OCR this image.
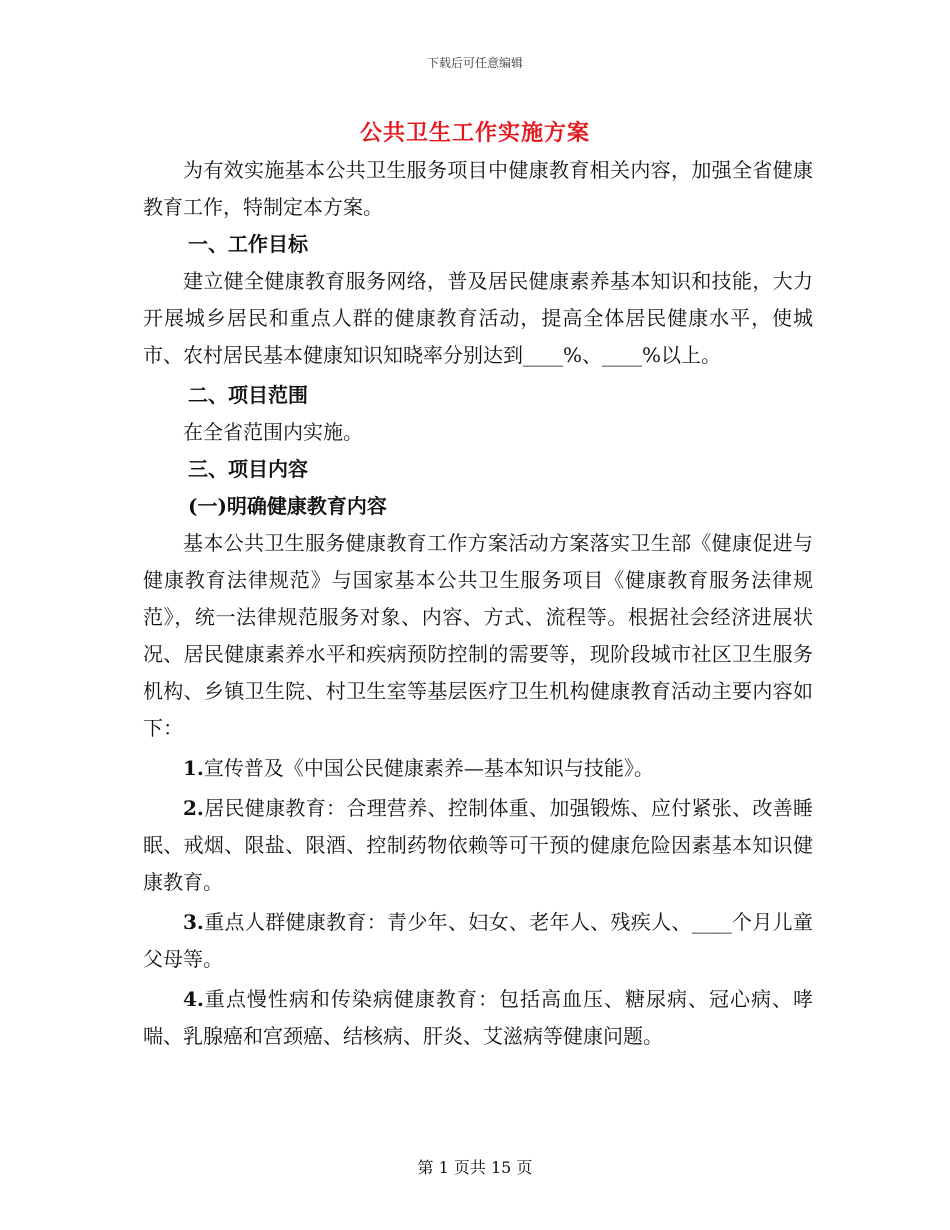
下载后可任意编辑
公共卫生工作实施方案

为有效实施基本公共卫生服务项目中健康教育相关内容，加强全省健康教育工作，特制定本方案。

一、工作目标

建立健全健康教育服务网络，普及居民健康素养基本知识和技能，大力开展城乡居民和重点人群的健康教育活动，提高全体居民健康水平，使城市、农村居民基本健康知识知晓率分别达到____%、____%以上。

二、项目范围

在全省范围内实施。

三、项目内容

(一)明确健康教育内容

基本公共卫生服务健康教育工作方案活动方案落实卫生部《健康促进与健康教育法律规范》与国家基本公共卫生服务项目《健康教育服务法律规范》，统一法律规范服务对象、内容、方式、流程等。根据社会经济进展状况、居民健康素养水平和疾病预防控制的需要等，现阶段城市社区卫生服务机构、乡镇卫生院、村卫生室等基层医疗卫生机构健康教育活动主要内容如下：

1.宣传普及《中国公民健康素养—基本知识与技能》。

2.居民健康教育：合理营养、控制体重、加强锻炼、应付紧张、改善睡眠、戒烟、限盐、限酒、控制药物依赖等可干预的健康危险因素基本知识健康教育。

3.重点人群健康教育：青少年、妇女、老年人、残疾人、____个月儿童父母等。

4.重点慢性病和传染病健康教育：包括高血压、糖尿病、冠心病、哮喘、乳腺癌和宫颈癌、结核病、肝炎、艾滋病等健康问题。

第 1 页共 15 页
